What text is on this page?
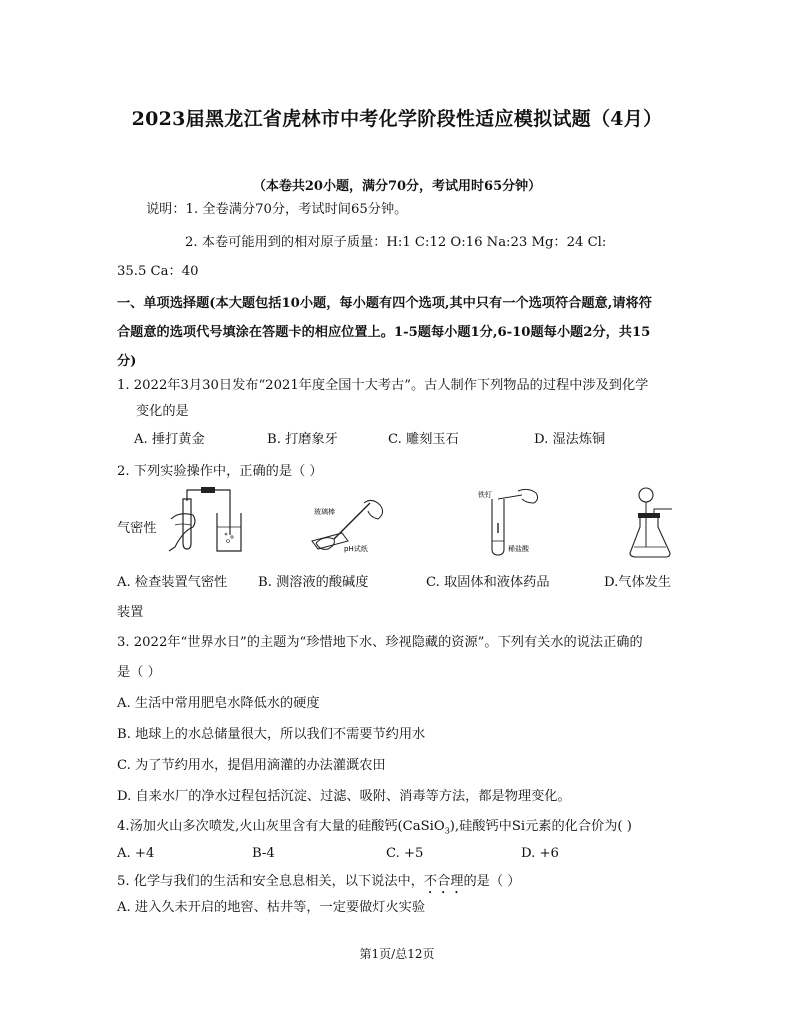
2023届黑龙江省虎林市中考化学阶段性适应模拟试题（4月）
（本卷共20小题，满分70分，考试用时65分钟）
说明：1. 全卷满分70分，考试时间65分钟。
2. 本卷可能用到的相对原子质量：H:1 C:12 O:16 Na:23 Mg：24 Cl:
35.5 Ca：40
一、单项选择题(本大题包括10小题，每小题有四个选项,其中只有一个选项符合题意,请将符
合题意的选项代号填涂在答题卡的相应位置上。1-5题每小题1分,6-10题每小题2分，共15
分)
1. 2022年3月30日发布“2021年度全国十大考古”。古人制作下列物品的过程中涉及到化学
变化的是
A. 捶打黄金	B. 打磨象牙	C. 雕刻玉石	D. 湿法炼铜
2. 下列实验操作中，正确的是（ ）
气密性
玻璃棒
pH试纸
铁钉
稀盐酸
A. 检查装置气密性 B. 测溶液的酸碱度	C. 取固体和液体药品	D.气体发生
装置
3. 2022年“世界水日”的主题为“珍惜地下水、珍视隐藏的资源”。下列有关水的说法正确的
是（ ）
A. 生活中常用肥皂水降低水的硬度
B. 地球上的水总储量很大，所以我们不需要节约用水
C. 为了节约用水，提倡用滴灌的办法灌溉农田
D. 自来水厂的净水过程包括沉淀、过滤、吸附、消毒等方法，都是物理变化。
4.汤加火山多次喷发,火山灰里含有大量的硅酸钙(CaSiO$_3$),硅酸钙中Si元素的化合价为( )
A. +4	B-4	C. +5	D. +6
5. 化学与我们的生活和安全息息相关，以下说法中，不合理的是（ ）
A. 进入久未开启的地窖、枯井等，一定要做灯火实验
第1页/总12页
